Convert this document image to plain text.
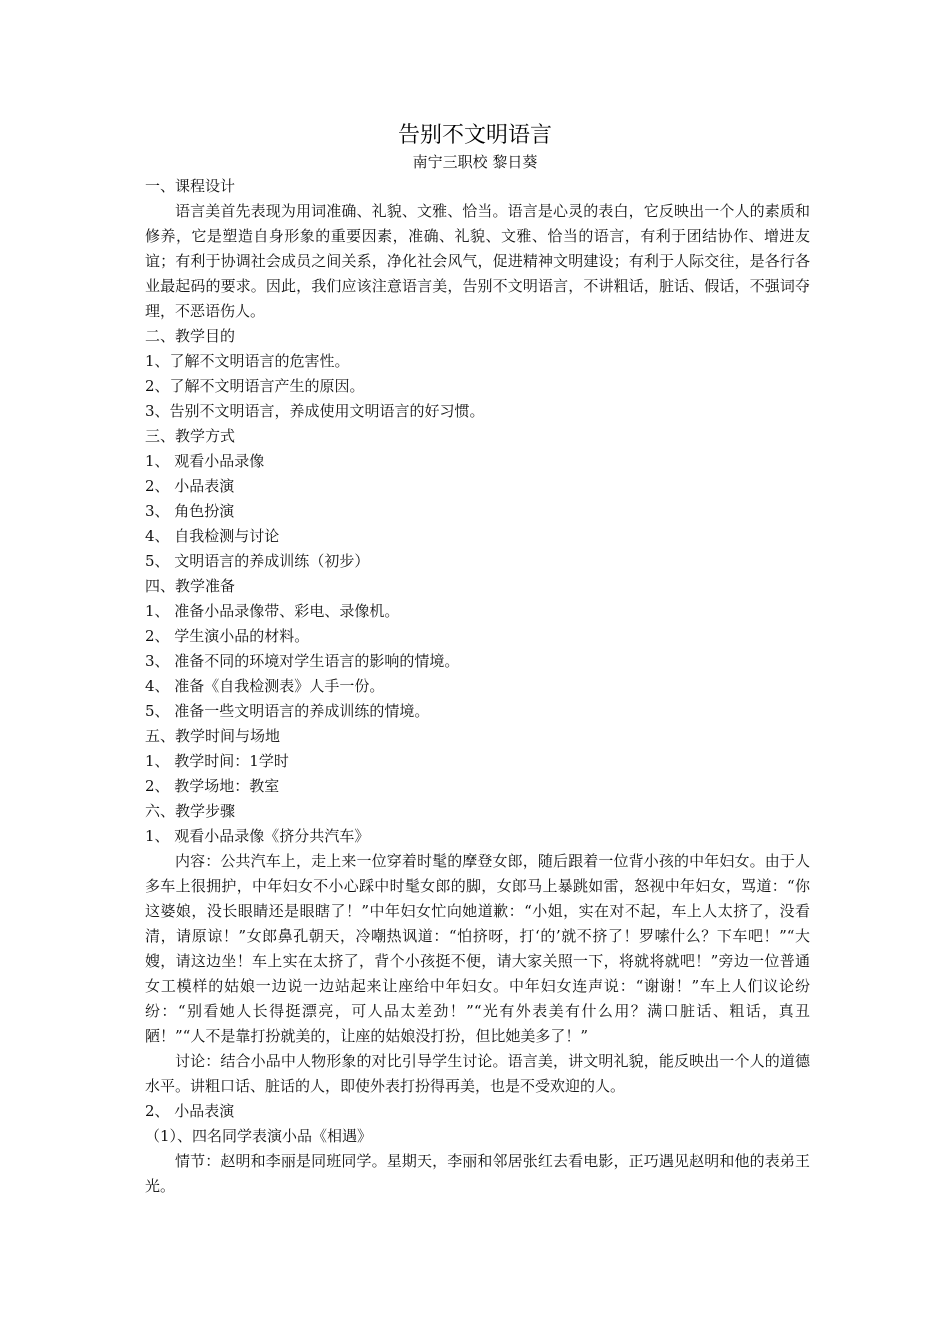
告别不文明语言
南宁三职校 黎日葵
一、课程设计

语言美首先表现为用词准确、礼貌、文雅、恰当。语言是心灵的表白，它反映出一个人的素质和修养，它是塑造自身形象的重要因素，准确、礼貌、文雅、恰当的语言，有利于团结协作、增进友谊；有利于协调社会成员之间关系，净化社会风气，促进精神文明建设；有利于人际交往，是各行各业最起码的要求。因此，我们应该注意语言美，告别不文明语言，不讲粗话，脏话、假话，不强词夺理，不恶语伤人。

二、教学目的
1、了解不文明语言的危害性。
2、了解不文明语言产生的原因。
3、告别不文明语言，养成使用文明语言的好习惯。
三、教学方式
1、 观看小品录像
2、 小品表演
3、 角色扮演
4、 自我检测与讨论
5、 文明语言的养成训练（初步）
四、教学准备
1、 准备小品录像带、彩电、录像机。
2、 学生演小品的材料。
3、 准备不同的环境对学生语言的影响的情境。
4、 准备《自我检测表》人手一份。
5、 准备一些文明语言的养成训练的情境。
五、教学时间与场地
1、 教学时间：1学时
2、 教学场地：教室
六、教学步骤
1、 观看小品录像《挤分共汽车》

内容：公共汽车上，走上来一位穿着时髦的摩登女郎，随后跟着一位背小孩的中年妇女。由于人多车上很拥护，中年妇女不小心踩中时髦女郎的脚，女郎马上暴跳如雷，怒视中年妇女，骂道：“你这婆娘，没长眼睛还是眼瞎了！”中年妇女忙向她道歉：“小姐，实在对不起，车上人太挤了，没看清，请原谅！”女郎鼻孔朝天，冷嘲热讽道：“怕挤呀，打‘的’就不挤了！罗嗦什么？下车吧！”“大嫂，请这边坐！车上实在太挤了，背个小孩挺不便，请大家关照一下，将就将就吧！”旁边一位普通女工模样的姑娘一边说一边站起来让座给中年妇女。中年妇女连声说：“谢谢！”车上人们议论纷纷：“别看她人长得挺漂亮，可人品太差劲！”“光有外表美有什么用？满口脏话、粗话，真丑陋！”“人不是靠打扮就美的，让座的姑娘没打扮，但比她美多了！”

讨论：结合小品中人物形象的对比引导学生讨论。语言美，讲文明礼貌，能反映出一个人的道德水平。讲粗口话、脏话的人，即使外表打扮得再美，也是不受欢迎的人。

2、 小品表演
（1）、四名同学表演小品《相遇》

情节：赵明和李丽是同班同学。星期天，李丽和邻居张红去看电影，正巧遇见赵明和他的表弟王光。
